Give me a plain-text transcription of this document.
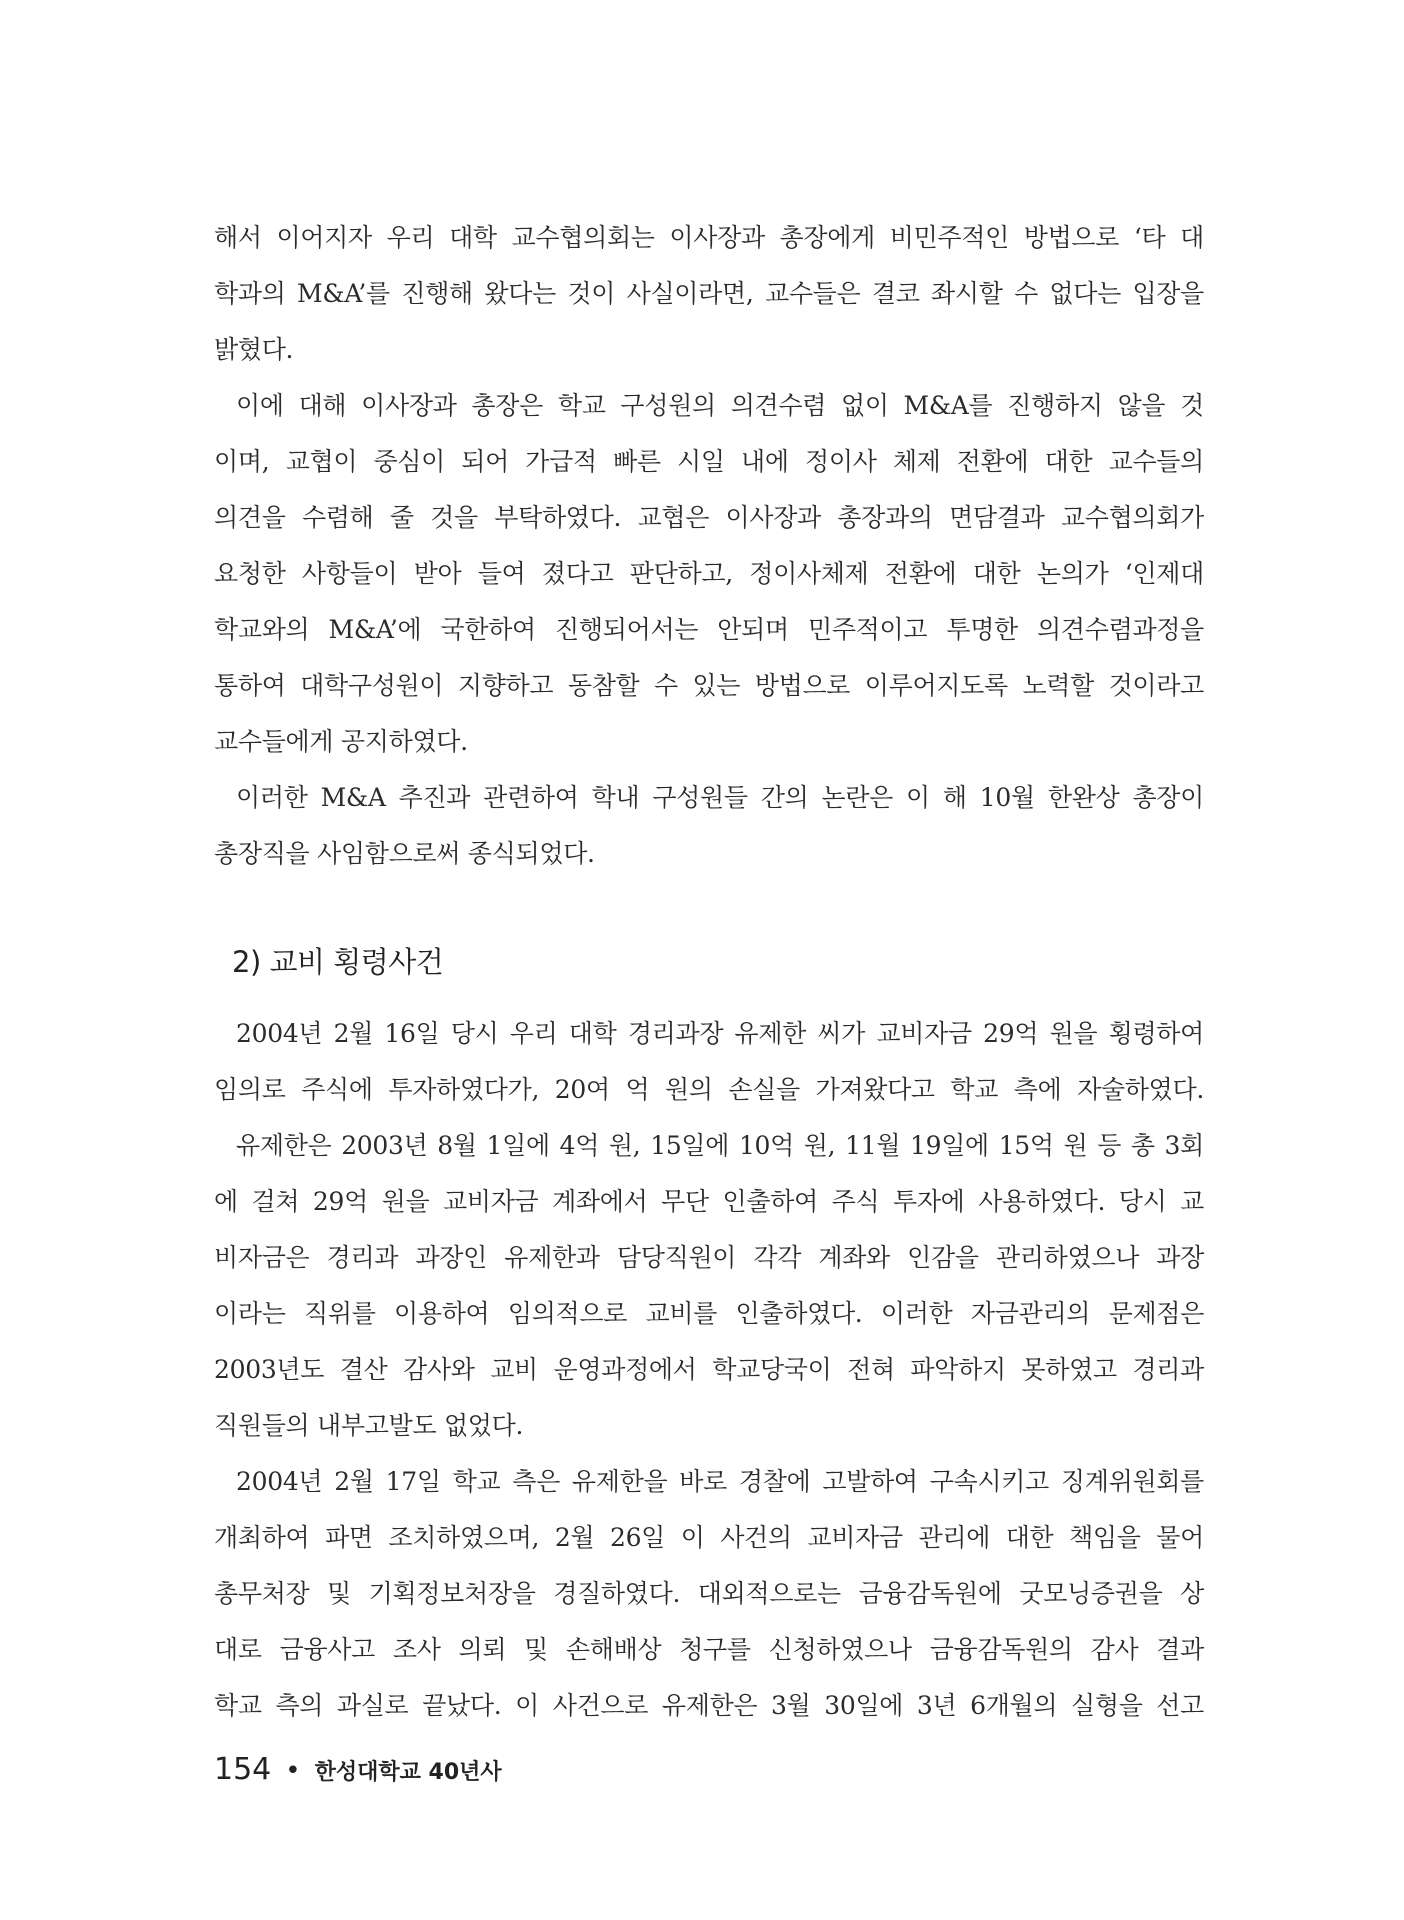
해서 이어지자 우리 대학 교수협의회는 이사장과 총장에게 비민주적인 방법으로 ‘타 대
학과의 M&A’를 진행해 왔다는 것이 사실이라면, 교수들은 결코 좌시할 수 없다는 입장을
밝혔다.
이에 대해 이사장과 총장은 학교 구성원의 의견수렴 없이 M&A를 진행하지 않을 것
이며, 교협이 중심이 되어 가급적 빠른 시일 내에 정이사 체제 전환에 대한 교수들의
의견을 수렴해 줄 것을 부탁하였다. 교협은 이사장과 총장과의 면담결과 교수협의회가
요청한 사항들이 받아 들여 졌다고 판단하고, 정이사체제 전환에 대한 논의가 ‘인제대
학교와의 M&A’에 국한하여 진행되어서는 안되며 민주적이고 투명한 의견수렴과정을
통하여 대학구성원이 지향하고 동참할 수 있는 방법으로 이루어지도록 노력할 것이라고
교수들에게 공지하였다.
이러한 M&A 추진과 관련하여 학내 구성원들 간의 논란은 이 해 10월 한완상 총장이
총장직을 사임함으로써 종식되었다.
2) 교비 횡령사건
2004년 2월 16일 당시 우리 대학 경리과장 유제한 씨가 교비자금 29억 원을 횡령하여
임의로 주식에 투자하였다가, 20여 억 원의 손실을 가져왔다고 학교 측에 자술하였다.
유제한은 2003년 8월 1일에 4억 원, 15일에 10억 원, 11월 19일에 15억 원 등 총 3회
에 걸쳐 29억 원을 교비자금 계좌에서 무단 인출하여 주식 투자에 사용하였다. 당시 교
비자금은 경리과 과장인 유제한과 담당직원이 각각 계좌와 인감을 관리하였으나 과장
이라는 직위를 이용하여 임의적으로 교비를 인출하였다. 이러한 자금관리의 문제점은
2003년도 결산 감사와 교비 운영과정에서 학교당국이 전혀 파악하지 못하였고 경리과
직원들의 내부고발도 없었다.
2004년 2월 17일 학교 측은 유제한을 바로 경찰에 고발하여 구속시키고 징계위원회를
개최하여 파면 조치하였으며, 2월 26일 이 사건의 교비자금 관리에 대한 책임을 물어
총무처장 및 기획정보처장을 경질하였다. 대외적으로는 금융감독원에 굿모닝증권을 상
대로 금융사고 조사 의뢰 및 손해배상 청구를 신청하였으나 금융감독원의 감사 결과
학교 측의 과실로 끝났다. 이 사건으로 유제한은 3월 30일에 3년 6개월의 실형을 선고
154 • 한성대학교 40년사
